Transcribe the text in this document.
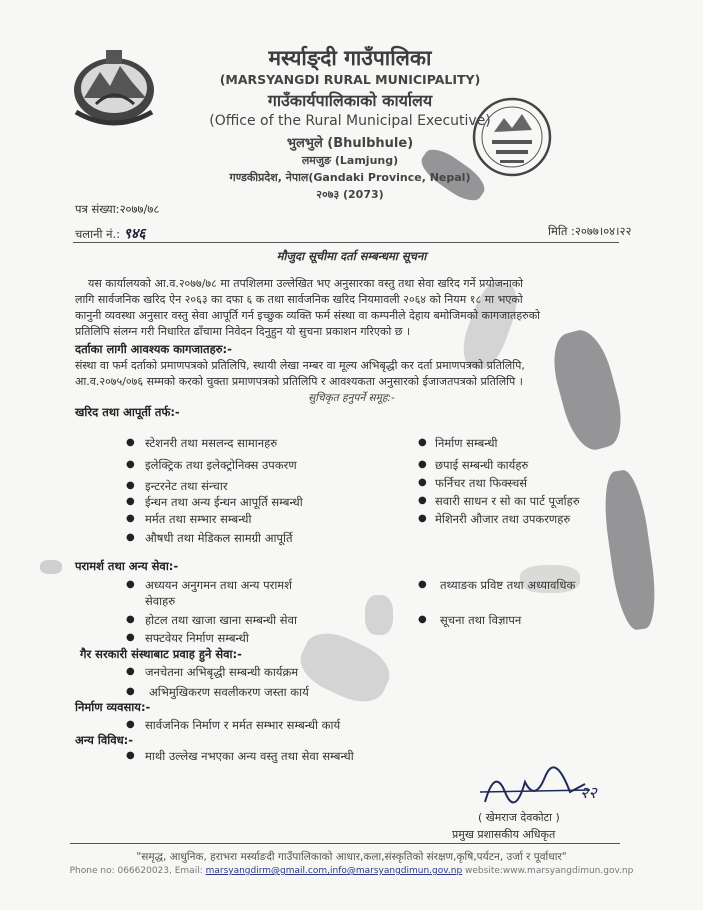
मर्स्याङ्दी गाउँपालिका
(MARSYANGDI RURAL MUNICIPALITY)
गाउँकार्यपालिकाको कार्यालय
(Office of the Rural Municipal Executive)
भुलभुले (Bhulbhule)
लमजुङ (Lamjung)
गण्डकीप्रदेश, नेपाल(Gandaki Province, Nepal)
२०७३ (2073)
पत्र संख्या:२०७७/७८
चलानी नं.: ९४६	मिति :२०७७।०४।२२
मौजुदा सूचीमा दर्ता सम्बन्धमा सूचना
यस कार्यालयको आ.व.२०७७/७८ मा तपशिलमा उल्लेखित भए अनुसारका वस्तु तथा सेवा खरिद गर्ने प्रयोजनाको
लागि सार्वजनिक खरिद ऐन २०६३ का दफा ६ क तथा सार्वजनिक खरिद नियमावली २०६४ को नियम १८ मा भएको
कानुनी व्यवस्था अनुसार वस्तु सेवा आपूर्ति गर्न इच्छुक व्यक्ति फर्म संस्था वा कम्पनीले देहाय बमोजिमको कागजातहरुको
प्रतिलिपि संलग्न गरी निधारित ढाँचामा निवेदन दिनुहुन यो सुचना प्रकाशन गरिएको छ ।
दर्ताका लागी आवश्यक कागजातहरु:-
संस्था वा फर्म दर्ताको प्रमाणपत्रको प्रतिलिपि, स्थायी लेखा नम्बर वा मूल्य अभिबृद्धी कर दर्ता प्रमाणपत्रको प्रतिलिपि,
आ.व.२०७५/०७६ सम्मको करको चुक्ता प्रमाणपत्रको प्रतिलिपि र आवश्यकता अनुसारको ईजाजतपत्रको प्रतिलिपि ।
सुचिकृत हनुपर्ने समूह:-
खरिद तथा आपूर्ती तर्फ:-
● स्टेशनरी तथा मसलन्द सामानहरु
● इलेक्ट्रिक तथा इलेक्ट्रोनिक्स उपकरण
● इन्टरनेट तथा संन्चार
● ईन्धन तथा अन्य ईन्धन आपूर्ति सम्बन्धी
● मर्मत तथा सम्भार सम्बन्धी
● औषधी तथा मेडिकल सामग्री आपूर्ति
● निर्माण सम्बन्धी
● छपाई सम्बन्धी कार्यहरु
● फर्निचर तथा फिक्स्चर्स
● सवारी साधन र सो का पार्ट पूर्जाहरु
● मेशिनरी औजार तथा उपकरणहरु
परामर्श तथा अन्य सेवा:-
● अध्ययन अनुगमन तथा अन्य परामर्श
सेवाहरु
● होटल तथा खाजा खाना सम्बन्धी सेवा
● सफ्टवेयर निर्माण सम्बन्धी
● तथ्याङक प्रविष्ट तथा अध्यावधिक
● सूचना तथा विज्ञापन
गैर सरकारी संस्थाबाट प्रवाह हुने सेवा:-
● जनचेतना अभिबृद्धी सम्बन्धी कार्यक्रम
● अभिमुखिकरण सवलीकरण जस्ता कार्य
निर्माण व्यवसाय:-
● सार्वजनिक निर्माण र मर्मत सम्भार सम्बन्धी कार्य
अन्य विविध:-
● माथी उल्लेख नभएका अन्य वस्तु तथा सेवा सम्बन्धी
२२
( खेमराज देवकोटा )
प्रमुख प्रशासकीय अधिकृत
"समृद्ध, आधुनिक, हराभरा मर्स्याङदी गाउँपालिकाको आधार,कला,संस्कृतिको संरक्षण,कृषि,पर्यटन, उर्जा र पूर्वाधार"
Phone no: 066620023, Email: marsyangdirm@gmail.com,info@marsyangdimun.gov.np website:www.marsyangdimun.gov.np
